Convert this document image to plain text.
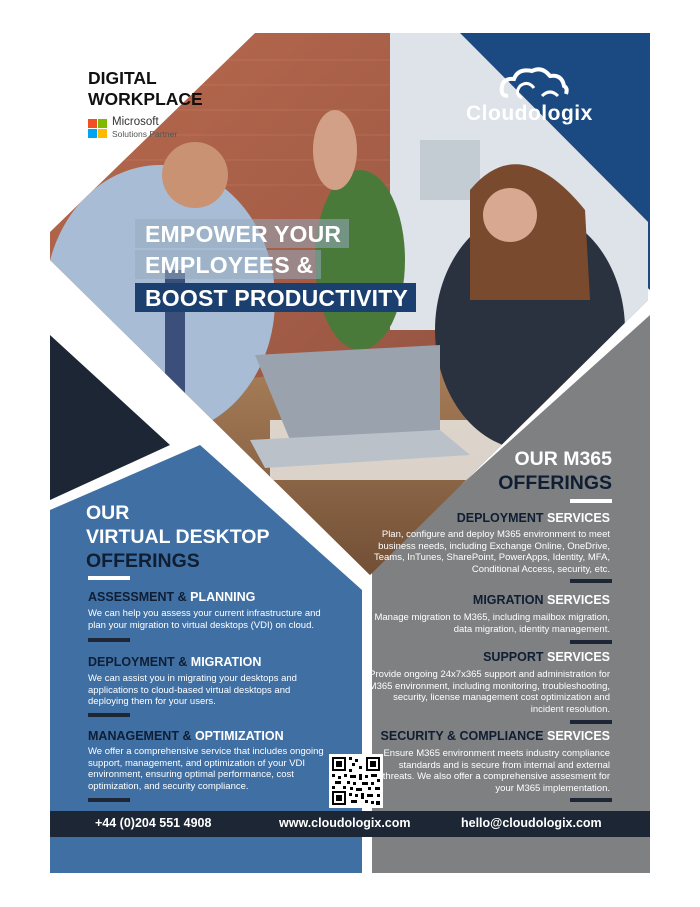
DIGITAL
WORKPLACE
Microsoft
Solutions Partner
Cloudologix
EMPOWER YOUR
EMPLOYEES &
BOOST PRODUCTIVITY
OUR
VIRTUAL DESKTOP
OFFERINGS
ASSESSMENT & PLANNING
We can help you assess your current infrastructure and plan your migration to virtual desktops (VDI) on cloud.
DEPLOYMENT & MIGRATION
We can assist you in migrating your desktops and applications to cloud-based virtual desktops and deploying them for your users.
MANAGEMENT & OPTIMIZATION
We offer a comprehensive service that includes ongoing support, management, and optimization of your VDI environment, ensuring optimal performance, cost optimization, and security compliance.
OUR M365
OFFERINGS
DEPLOYMENT SERVICES
Plan, configure and deploy M365 environment to meet business needs, including Exchange Online, OneDrive, Teams, InTunes, SharePoint, PowerApps, Identity, MFA, Conditional Access, security, etc.
MIGRATION SERVICES
Manage migration to M365, including mailbox migration, data migration, identity management.
SUPPORT SERVICES
Provide ongoing 24x7x365 support and administration for M365 environment, including monitoring, troubleshooting, security, license management cost optimization and incident resolution.
SECURITY & COMPLIANCE SERVICES
Ensure M365 environment meets industry compliance standards and is secure from internal and external threats. We also offer a comprehensive assesment for your M365 implementation.
+44 (0)204 551 4908	www.cloudologix.com	hello@cloudologix.com
